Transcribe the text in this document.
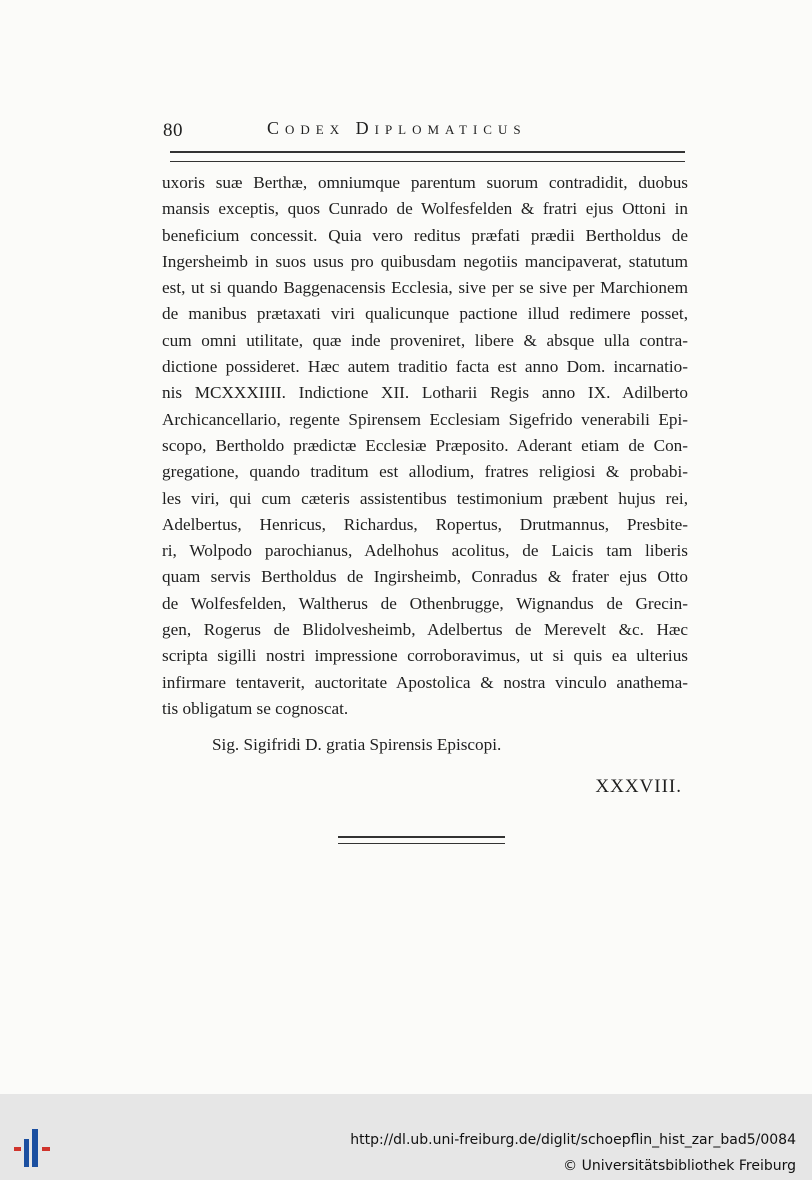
80	Codex Diplomaticus
uxoris suæ Berthæ, omniumque parentum suorum contradidit, duobus
mansis exceptis, quos Cunrado de Wolfesfelden & fratri ejus Ottoni in
beneficium concessit. Quia vero reditus præfati prædii Bertholdus de
Ingersheimb in suos usus pro quibusdam negotiis mancipaverat, statutum
est, ut si quando Baggenacensis Ecclesia, sive per se sive per Marchionem
de manibus prætaxati viri qualicunque pactione illud redimere posset,
cum omni utilitate, quæ inde proveniret, libere & absque ulla contra-
dictione possideret. Hæc autem traditio facta est anno Dom. incarnatio-
nis MCXXXIIII. Indictione XII. Lotharii Regis anno IX. Adilberto
Archicancellario, regente Spirensem Ecclesiam Sigefrido venerabili Epi-
scopo, Bertholdo prædictæ Ecclesiæ Præposito. Aderant etiam de Con-
gregatione, quando traditum est allodium, fratres religiosi & probabi-
les viri, qui cum cæteris assistentibus testimonium præbent hujus rei,
Adelbertus, Henricus, Richardus, Ropertus, Drutmannus, Presbite-
ri, Wolpodo parochianus, Adelhohus acolitus, de Laicis tam liberis
quam servis Bertholdus de Ingirsheimb, Conradus & frater ejus Otto
de Wolfesfelden, Waltherus de Othenbrugge, Wignandus de Grecin-
gen, Rogerus de Blidolvesheimb, Adelbertus de Merevelt &c. Hæc
scripta sigilli nostri impressione corroboravimus, ut si quis ea ulterius
infirmare tentaverit, auctoritate Apostolica & nostra vinculo anathema-
tis obligatum se cognoscat.
Sig. Sigifridi D. gratia Spirensis Episcopi.
XXXVIII.
http://dl.ub.uni-freiburg.de/diglit/schoepflin_hist_zar_bad5/0084
© Universitätsbibliothek Freiburg
